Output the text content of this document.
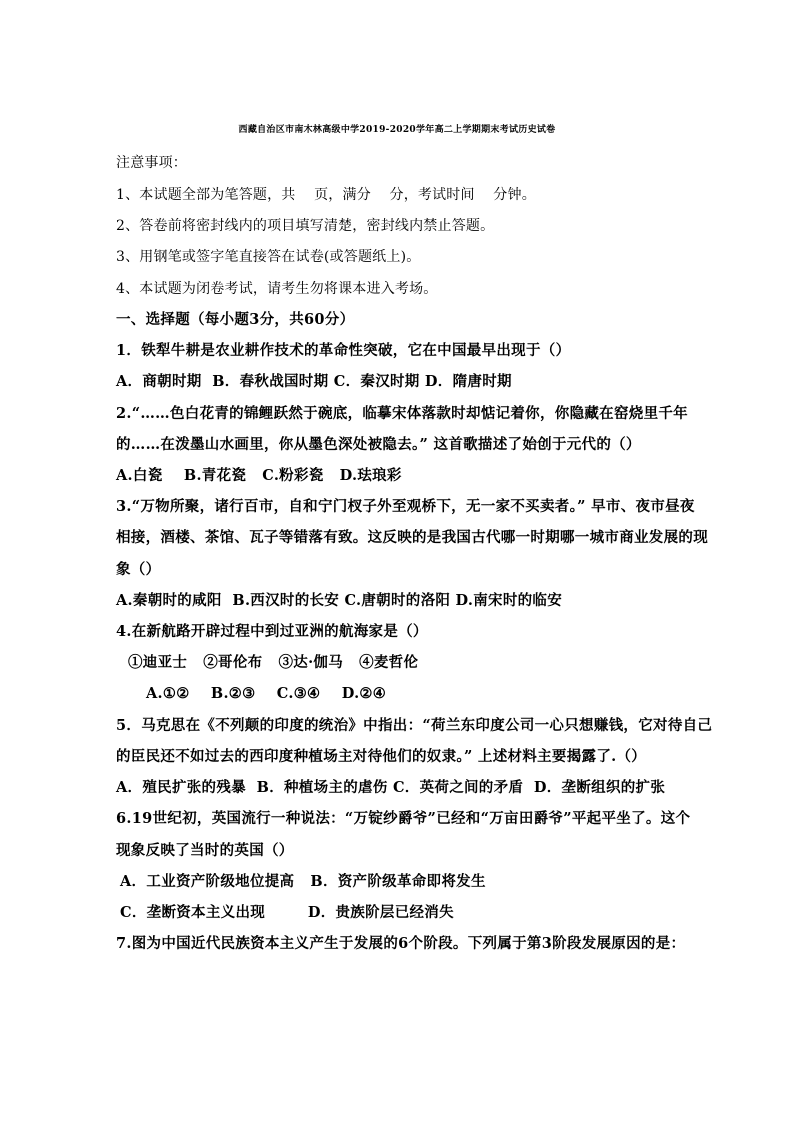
西藏自治区市南木林高级中学2019-2020学年高二上学期期末考试历史试卷
注意事项：
1、本试题全部为笔答题，共    页，满分    分，考试时间    分钟。
2、答卷前将密封线内的项目填写清楚，密封线内禁止答题。
3、用钢笔或签字笔直接答在试卷(或答题纸上)。
4、本试题为闭卷考试，请考生勿将课本进入考场。
一、选择题（每小题3分，共60分）
1．铁犁牛耕是农业耕作技术的革命性突破，它在中国最早出现于（）
A．商朝时期  B．春秋战国时期 C．秦汉时期 D．隋唐时期
2.“……色白花青的锦鲤跃然于碗底，临摹宋体落款时却惦记着你，你隐藏在窑烧里千年
的……在泼墨山水画里，你从墨色深处被隐去。” 这首歌描述了始创于元代的（）
A.白瓷    B.青花瓷   C.粉彩瓷   D.珐琅彩
3.“万物所聚，诸行百市，自和宁门杈子外至观桥下，无一家不买卖者。” 早市、夜市昼夜
相接，酒楼、茶馆、瓦子等错落有致。这反映的是我国古代哪一时期哪一城市商业发展的现
象（）
A.秦朝时的咸阳  B.西汉时的长安 C.唐朝时的洛阳 D.南宋时的临安
4.在新航路开辟过程中到过亚洲的航海家是（）
①迪亚士   ②哥伦布   ③达·伽马   ④麦哲伦
A.①②    B.②③    C.③④    D.②④
5．马克思在《不列颠的印度的统治》中指出：“荷兰东印度公司一心只想赚钱，它对待自己
的臣民还不如过去的西印度种植场主对待他们的奴隶。” 上述材料主要揭露了.（）
A．殖民扩张的残暴  B．种植场主的虐伤 C．英荷之间的矛盾  D．垄断组织的扩张
6.19世纪初，英国流行一种说法：“万锭纱爵爷”已经和“万亩田爵爷”平起平坐了。这个
现象反映了当时的英国（）
A．工业资产阶级地位提高   B．资产阶级革命即将发生
C．垄断资本主义出现        D．贵族阶层已经消失
7.图为中国近代民族资本主义产生于发展的6个阶段。下列属于第3阶段发展原因的是：
